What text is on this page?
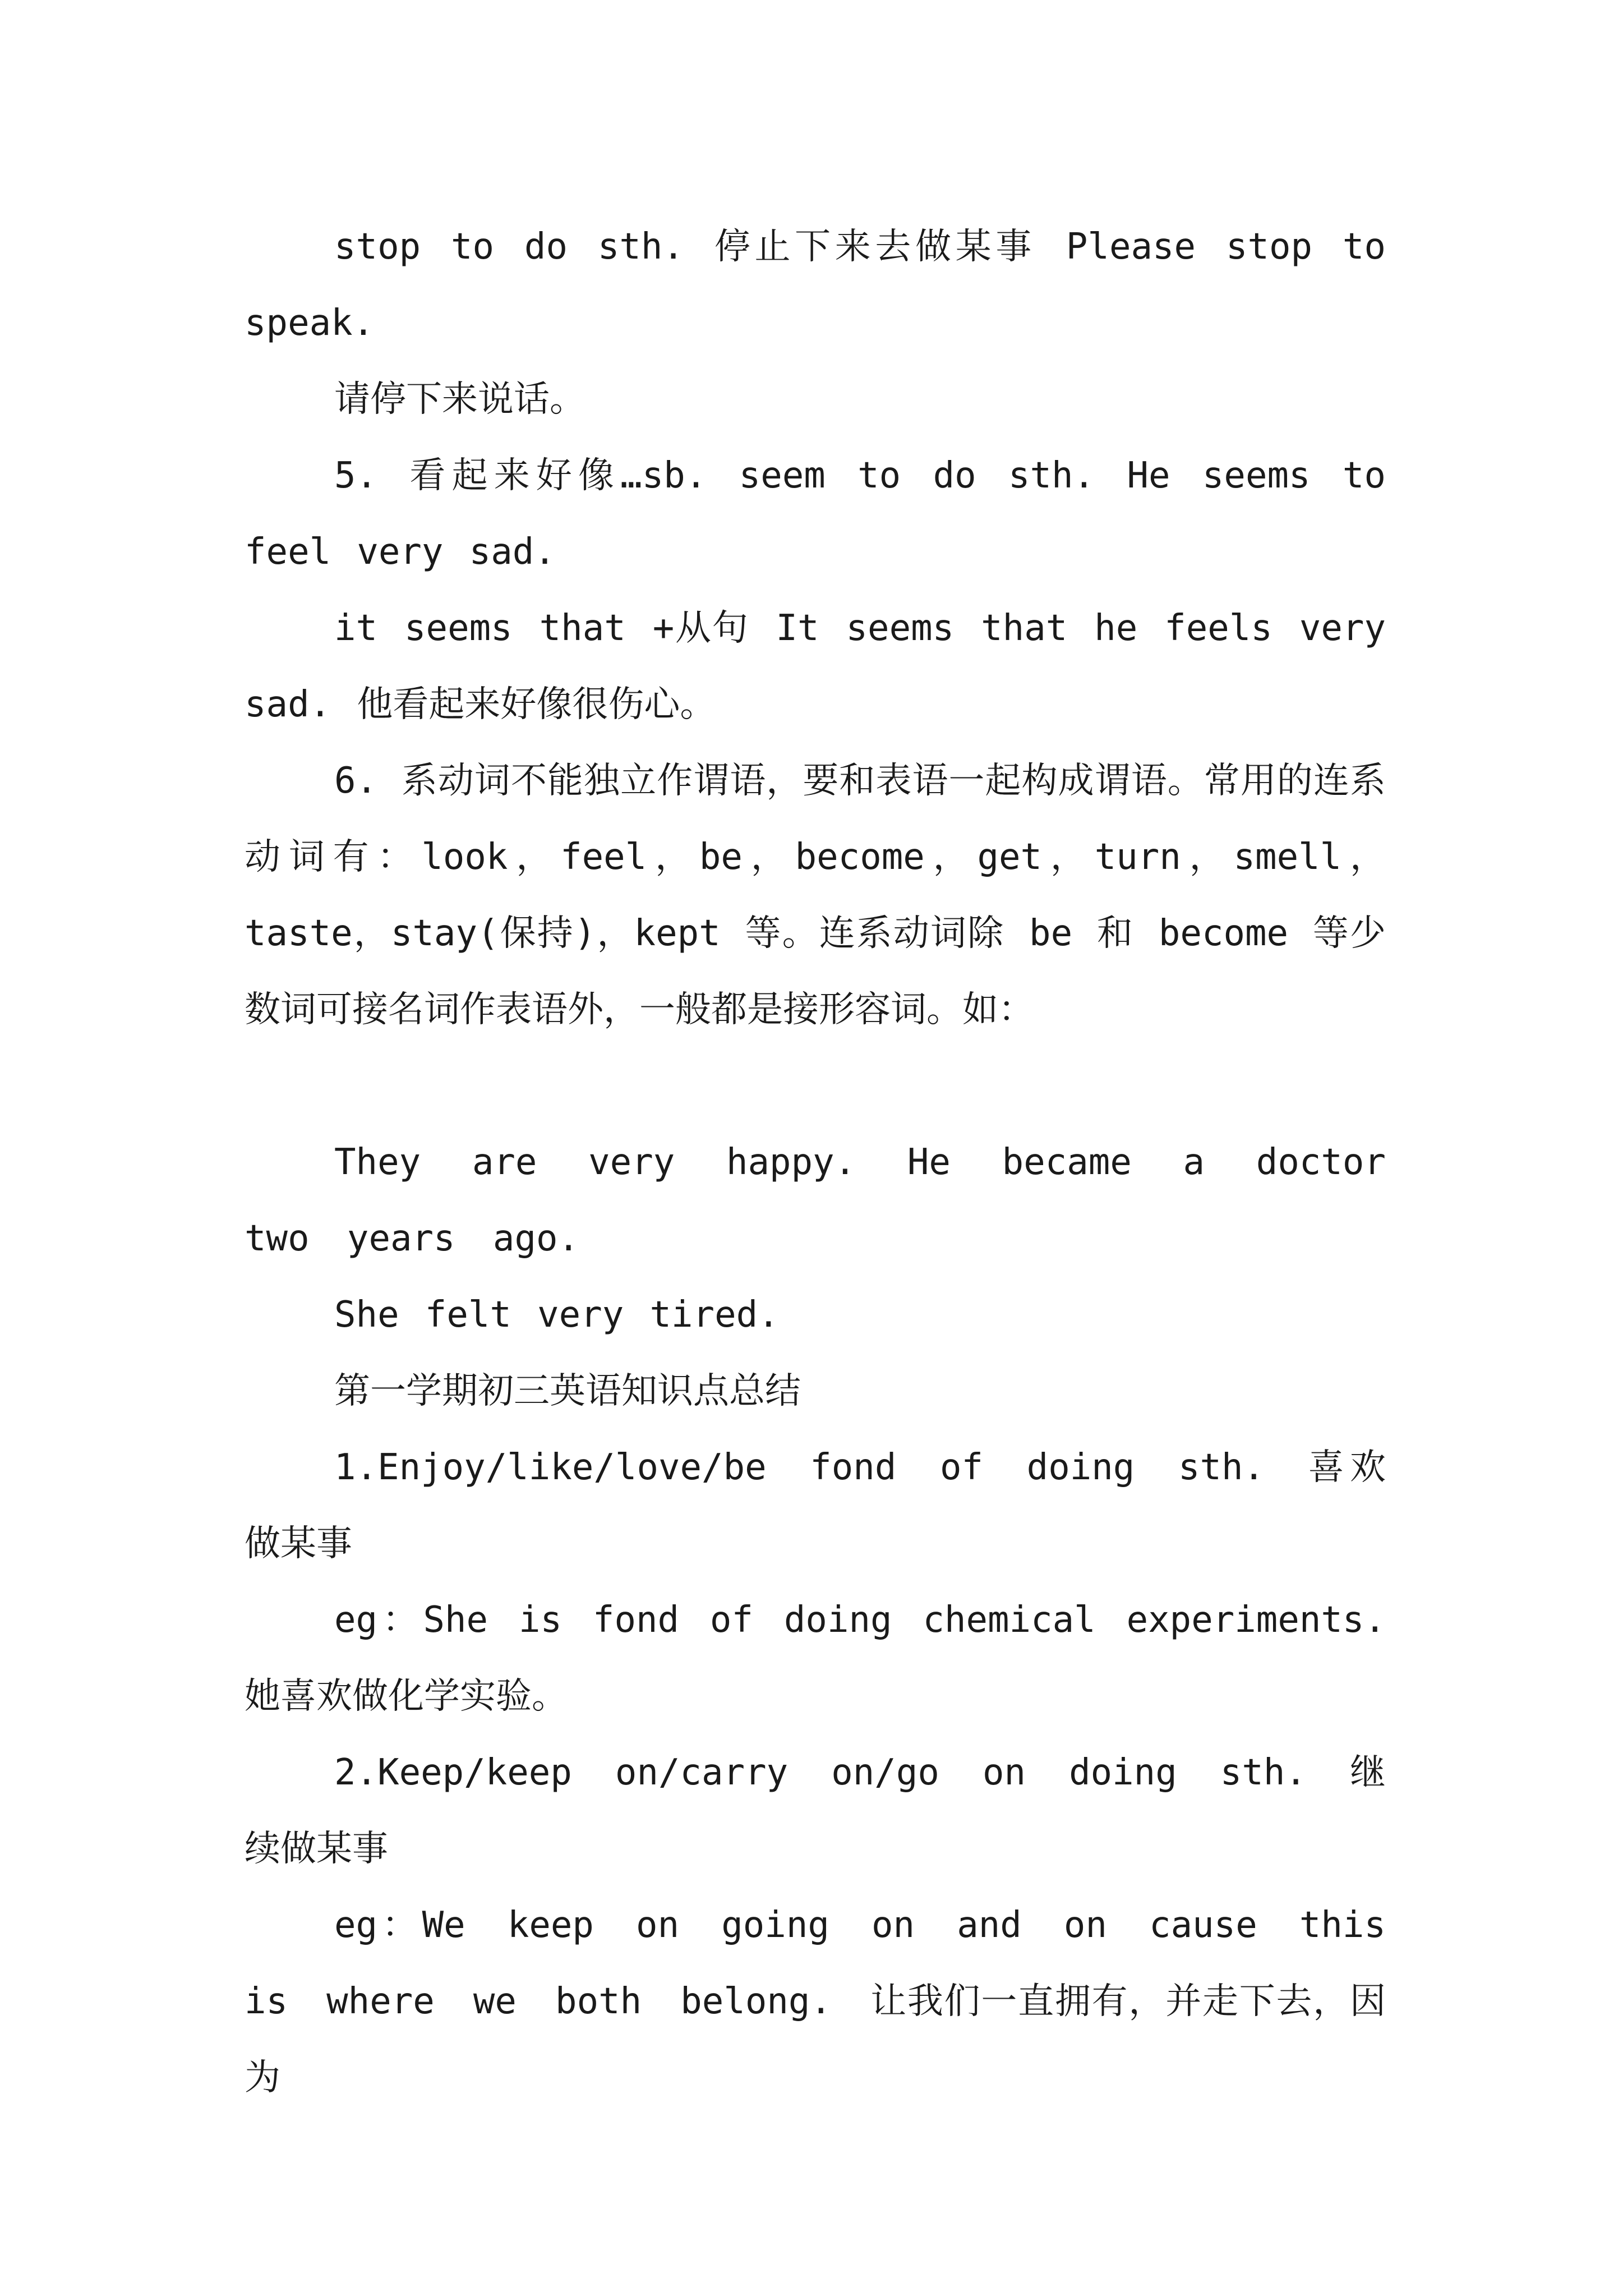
stop to do sth. 停止下来去做某事 Please stop to speak.

请停下来说话。

5. 看起来好像…sb. seem to do sth. He seems to feel very sad.

it seems that +从句 It seems that he feels very sad. 他看起来好像很伤心。

6. 系动词不能独立作谓语，要和表语一起构成谓语。常用的连系动词有：look，feel，be，become，get，turn，smell，taste，stay(保持)，kept 等。连系动词除 be 和 become 等少数词可接名词作表语外，一般都是接形容词。如：

They are very happy. He became a doctor two years ago.

She felt very tired.

第一学期初三英语知识点总结

1.Enjoy/like/love/be fond of doing sth. 喜欢做某事

eg：She is fond of doing chemical experiments. 她喜欢做化学实验。

2.Keep/keep on/carry on/go on doing sth. 继续做某事

eg：We keep on going on and on cause this is where we both belong. 让我们一直拥有，并走下去，因为
